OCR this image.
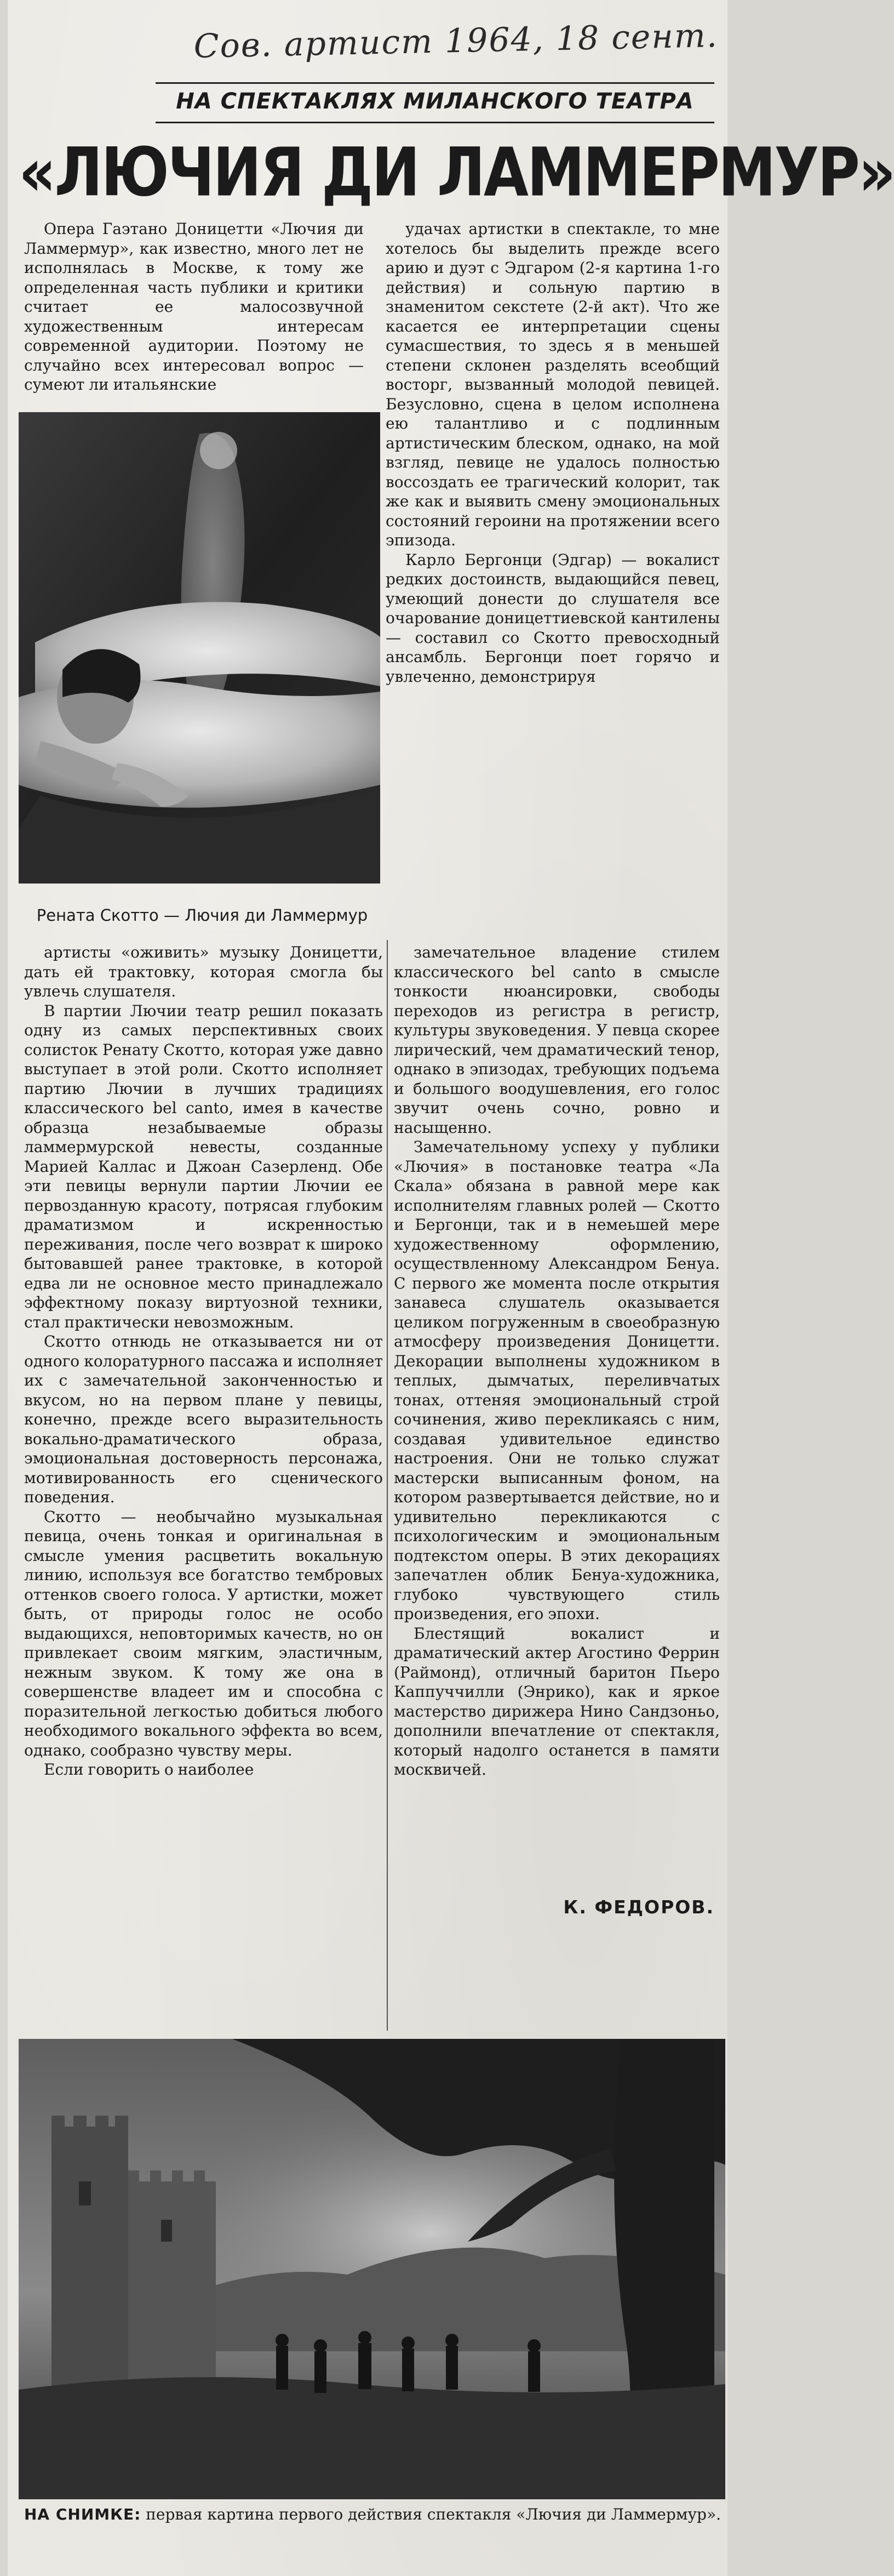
Сов. артист 1964, 18 сент.
НА СПЕКТАКЛЯХ МИЛАНСКОГО ТЕАТРА
«ЛЮЧИЯ ДИ ЛАММЕРМУР»

Опера Гаэтано Доницетти «Лючия ди Ламмермур», как известно, много лет не исполнялась в Москве, к тому же определенная часть публики и критики считает ее малосозвучной художественным интересам современной аудитории. Поэтому не случайно всех интересовал вопрос — сумеют ли итальянские

Рената Скотто — Лючия ди Ламмермур

удачах артистки в спектакле, то мне хотелось бы выделить прежде всего арию и дуэт с Эдгаром (2-я картина 1-го действия) и сольную партию в знаменитом секстете (2-й акт). Что же касается ее интерпретации сцены сумасшествия, то здесь я в меньшей степени склонен разделять всеобщий восторг, вызванный молодой певицей. Безусловно, сцена в целом исполнена ею талантливо и с подлинным артистическим блеском, однако, на мой взгляд, певице не удалось полностью воссоздать ее трагический колорит, так же как и выявить смену эмоциональных состояний героини на протяжении всего эпизода.

Карло Бергонци (Эдгар) — вокалист редких достоинств, выдающийся певец, умеющий донести до слушателя все очарование доницеттиевской кантилены — составил со Скотто превосходный ансамбль. Бергонци поет горячо и увлеченно, демонстрируя

артисты «оживить» музыку Доницетти, дать ей трактовку, которая смогла бы увлечь слушателя.

В партии Лючии театр решил показать одну из самых перспективных своих солисток Ренату Скотто, которая уже давно выступает в этой роли. Скотто исполняет партию Лючии в лучших традициях классического bel canto, имея в качестве образца незабываемые образы ламмермурской невесты, созданные Марией Каллас и Джоан Сазерленд. Обе эти певицы вернули партии Лючии ее первозданную красоту, потрясая глубоким драматизмом и искренностью переживания, после чего возврат к широко бытовавшей ранее трактовке, в которой едва ли не основное место принадлежало эффектному показу виртуозной техники, стал практически невозможным.

Скотто отнюдь не отказывается ни от одного колоратурного пассажа и исполняет их с замечательной законченностью и вкусом, но на первом плане у певицы, конечно, прежде всего выразительность вокально-драматического образа, эмоциональная достоверность персонажа, мотивированность его сценического поведения.

Скотто — необычайно музыкальная певица, очень тонкая и оригинальная в смысле умения расцветить вокальную линию, используя все богатство тембровых оттенков своего голоса. У артистки, может быть, от природы голос не особо выдающихся, неповторимых качеств, но он привлекает своим мягким, эластичным, нежным звуком. К тому же она в совершенстве владеет им и способна с поразительной легкостью добиться любого необходимого вокального эффекта во всем, однако, сообразно чувству меры.

Если говорить о наиболее

замечательное владение стилем классического bel canto в смысле тонкости нюансировки, свободы переходов из регистра в регистр, культуры звуковедения. У певца скорее лирический, чем драматический тенор, однако в эпизодах, требующих подъема и большого воодушевления, его голос звучит очень сочно, ровно и насыщенно.

Замечательному успеху у публики «Лючия» в постановке театра «Ла Скала» обязана в равной мере как исполнителям главных ролей — Скотто и Бергонци, так и в немеьшей мере художественному оформлению, осуществленному Александром Бенуа. С первого же момента после открытия занавеса слушатель оказывается целиком погруженным в своеобразную атмосферу произведения Доницетти. Декорации выполнены художником в теплых, дымчатых, переливчатых тонах, оттеняя эмоциональный строй сочинения, живо перекликаясь с ним, создавая удивительное единство настроения. Они не только служат мастерски выписанным фоном, на котором развертывается действие, но и удивительно перекликаются с психологическим и эмоциональным подтекстом оперы. В этих декорациях запечатлен облик Бенуа-художника, глубоко чувствующего стиль произведения, его эпохи.

Блестящий вокалист и драматический актер Агостино Феррин (Раймонд), отличный баритон Пьеро Каппуччилли (Энрико), как и яркое мастерство дирижера Нино Сандзоньо, дополнили впечатление от спектакля, который надолго останется в памяти москвичей.

К. ФЕДОРОВ.
НА СНИМКЕ: первая картина первого действия спектакля «Лючия ди Ламмермур».
